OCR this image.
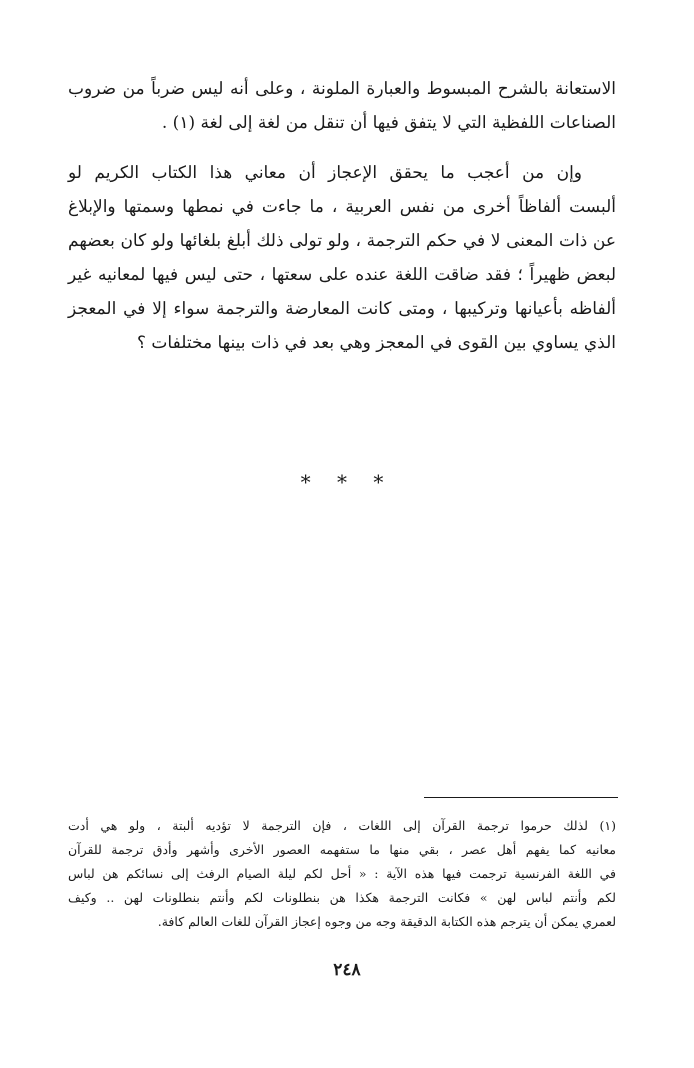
الاستعانة بالشرح المبسوط والعبارة الملونة ، وعلى أنه ليس ضرباً من ضروب
الصناعات اللفظية التي لا يتفق فيها أن تنقل من لغة إلى لغة (١) .
وإن من أعجب ما يحقق الإعجاز أن معاني هذا الكتاب الكريم لو
ألبست ألفاظاً أخرى من نفس العربية ، ما جاءت في نمطها وسمتها والإبلاغ
عن ذات المعنى لا في حكم الترجمة ، ولو تولى ذلك أبلغ بلغائها ولو كان بعضهم
لبعض ظهيراً ؛ فقد ضاقت اللغة عنده على سعتها ، حتى ليس فيها لمعانيه غير
ألفاظه بأعيانها وتركيبها ، ومتى كانت المعارضة والترجمة سواء إلا في المعجز
الذي يساوي بين القوى في المعجز وهي بعد في ذات بينها مختلفات ؟
* * *
(١) لذلك حرموا ترجمة القرآن إلى اللغات ، فإن الترجمة لا تؤديه ألبتة ، ولو هي أدت
معانيه كما يفهم أهل عصر ، بقي منها ما ستفهمه العصور الأخرى وأشهر وأدق ترجمة للقرآن
في اللغة الفرنسية ترجمت فيها هذه الآية : « أحل لكم ليلة الصيام الرفث إلى نسائكم هن لباس
لكم وأنتم لباس لهن » فكانت الترجمة هكذا هن بنطلونات لكم وأنتم بنطلونات لهن .. وكيف
لعمري يمكن أن يترجم هذه الكتابة الدقيقة وجه من وجوه إعجاز القرآن للغات العالم كافة.
٢٤٨
